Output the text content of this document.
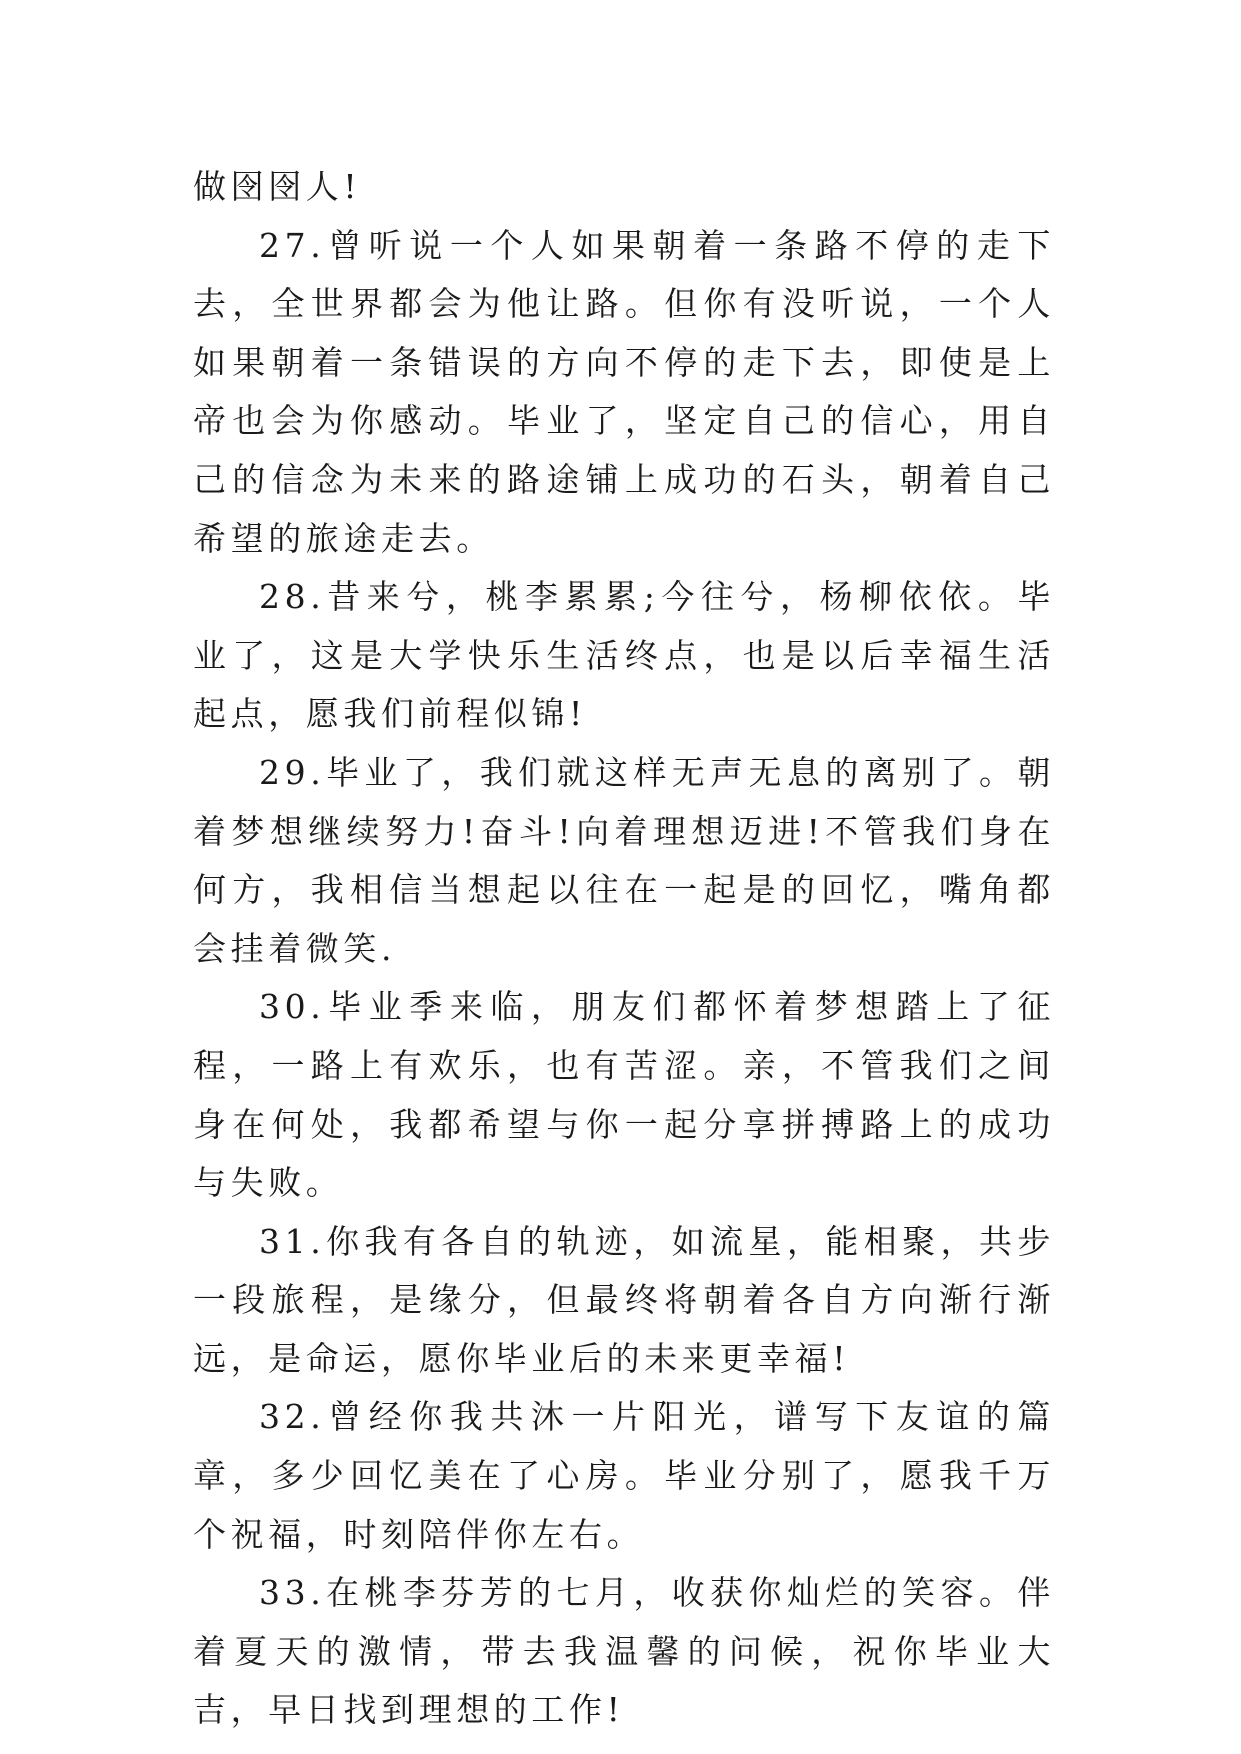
做囹囹人!

27.曾听说一个人如果朝着一条路不停的走下去，全世界都会为他让路。但你有没听说，一个人如果朝着一条错误的方向不停的走下去，即使是上帝也会为你感动。毕业了，坚定自己的信心，用自己的信念为未来的路途铺上成功的石头，朝着自己希望的旅途走去。

28.昔来兮，桃李累累;今往兮，杨柳依依。毕业了，这是大学快乐生活终点，也是以后幸福生活起点，愿我们前程似锦!

29.毕业了，我们就这样无声无息的离别了。朝着梦想继续努力!奋斗!向着理想迈进!不管我们身在何方，我相信当想起以往在一起是的回忆，嘴角都会挂着微笑.

30.毕业季来临，朋友们都怀着梦想踏上了征程，一路上有欢乐，也有苦涩。亲，不管我们之间身在何处，我都希望与你一起分享拼搏路上的成功与失败。

31.你我有各自的轨迹，如流星，能相聚，共步一段旅程，是缘分，但最终将朝着各自方向渐行渐远，是命运，愿你毕业后的未来更幸福!

32.曾经你我共沐一片阳光，谱写下友谊的篇章，多少回忆美在了心房。毕业分别了，愿我千万个祝福，时刻陪伴你左右。

33.在桃李芬芳的七月，收获你灿烂的笑容。伴着夏天的激情，带去我温馨的问候，祝你毕业大吉，早日找到理想的工作!
